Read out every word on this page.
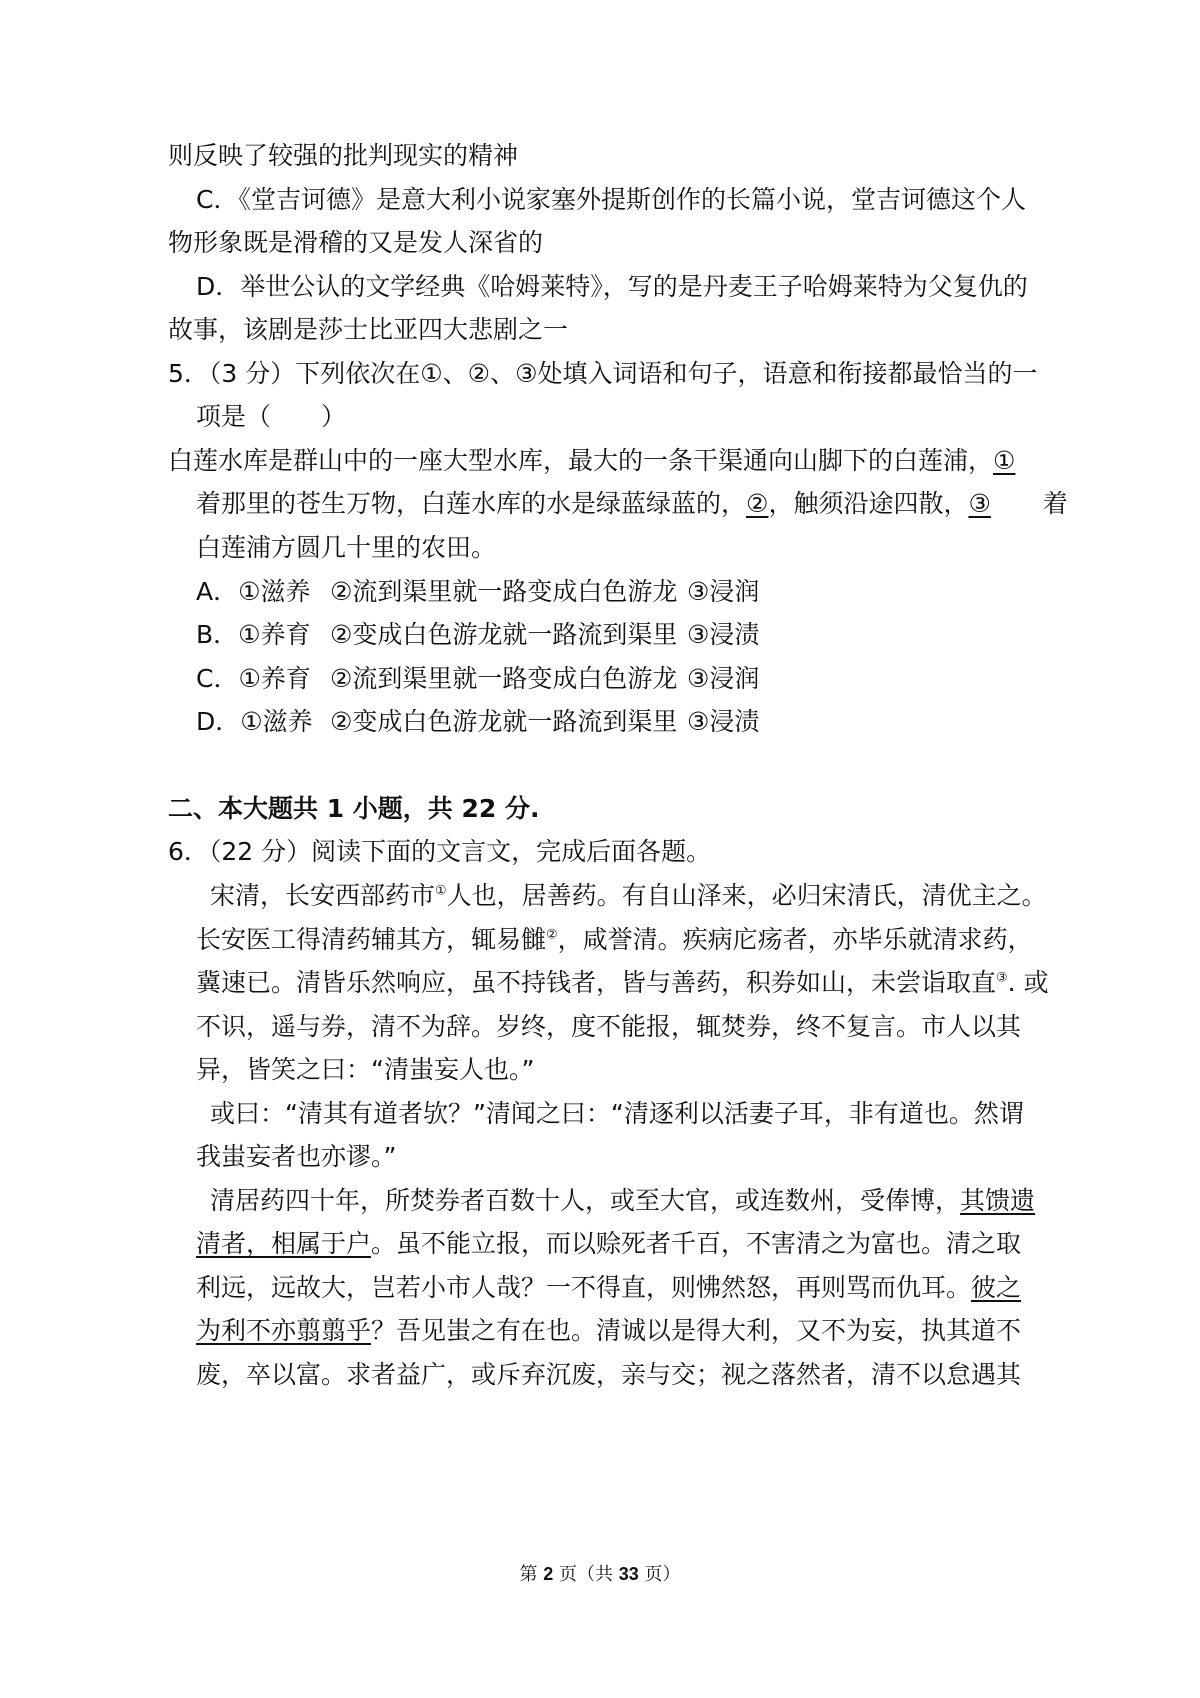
则反映了较强的批判现实的精神
C．《堂吉诃德》是意大利小说家塞外提斯创作的长篇小说，堂吉诃德这个人
物形象既是滑稽的又是发人深省的
D．举世公认的文学经典《哈姆莱特》，写的是丹麦王子哈姆莱特为父复仇的
故事，该剧是莎士比亚四大悲剧之一
5．（3 分）下列依次在①、②、③处填入词语和句子，语意和衔接都最恰当的一
项是（　　）
白莲水库是群山中的一座大型水库，最大的一条干渠通向山脚下的白莲浦，①
着那里的苍生万物，白莲水库的水是绿蓝绿蓝的，②，触须沿途四散，③ 着
白莲浦方圆几十里的农田。
A．①滋养 ②流到渠里就一路变成白色游龙 ③浸润
B．①养育 ②变成白色游龙就一路流到渠里 ③浸渍
C．①养育 ②流到渠里就一路变成白色游龙 ③浸润
D．①滋养 ②变成白色游龙就一路流到渠里 ③浸渍
二、本大题共 1 小题，共 22 分.
6．（22 分）阅读下面的文言文，完成后面各题。
宋清，长安西部药市①人也，居善药。有自山泽来，必归宋清氏，清优主之。
长安医工得清药辅其方，辄易雠②，咸誉清。疾病庀疡者，亦毕乐就清求药，
冀速已。清皆乐然响应，虽不持钱者，皆与善药，积券如山，未尝诣取直③. 或
不识，遥与券，清不为辞。岁终，度不能报，辄焚券，终不复言。市人以其
异，皆笑之曰：“清蚩妄人也。”
或曰：“清其有道者欤？”清闻之曰：“清逐利以活妻子耳，非有道也。然谓
我蚩妄者也亦谬。”
清居药四十年，所焚券者百数十人，或至大官，或连数州，受俸博，其馈遗
清者，相属于户。虽不能立报，而以赊死者千百，不害清之为富也。清之取
利远，远故大，岂若小市人哉？一不得直，则怫然怒，再则骂而仇耳。彼之
为利不亦翦翦乎？吾见蚩之有在也。清诚以是得大利，又不为妄，执其道不
废，卒以富。求者益广，或斥弃沉废，亲与交；视之落然者，清不以怠遇其
第 2 页（共 33 页）
